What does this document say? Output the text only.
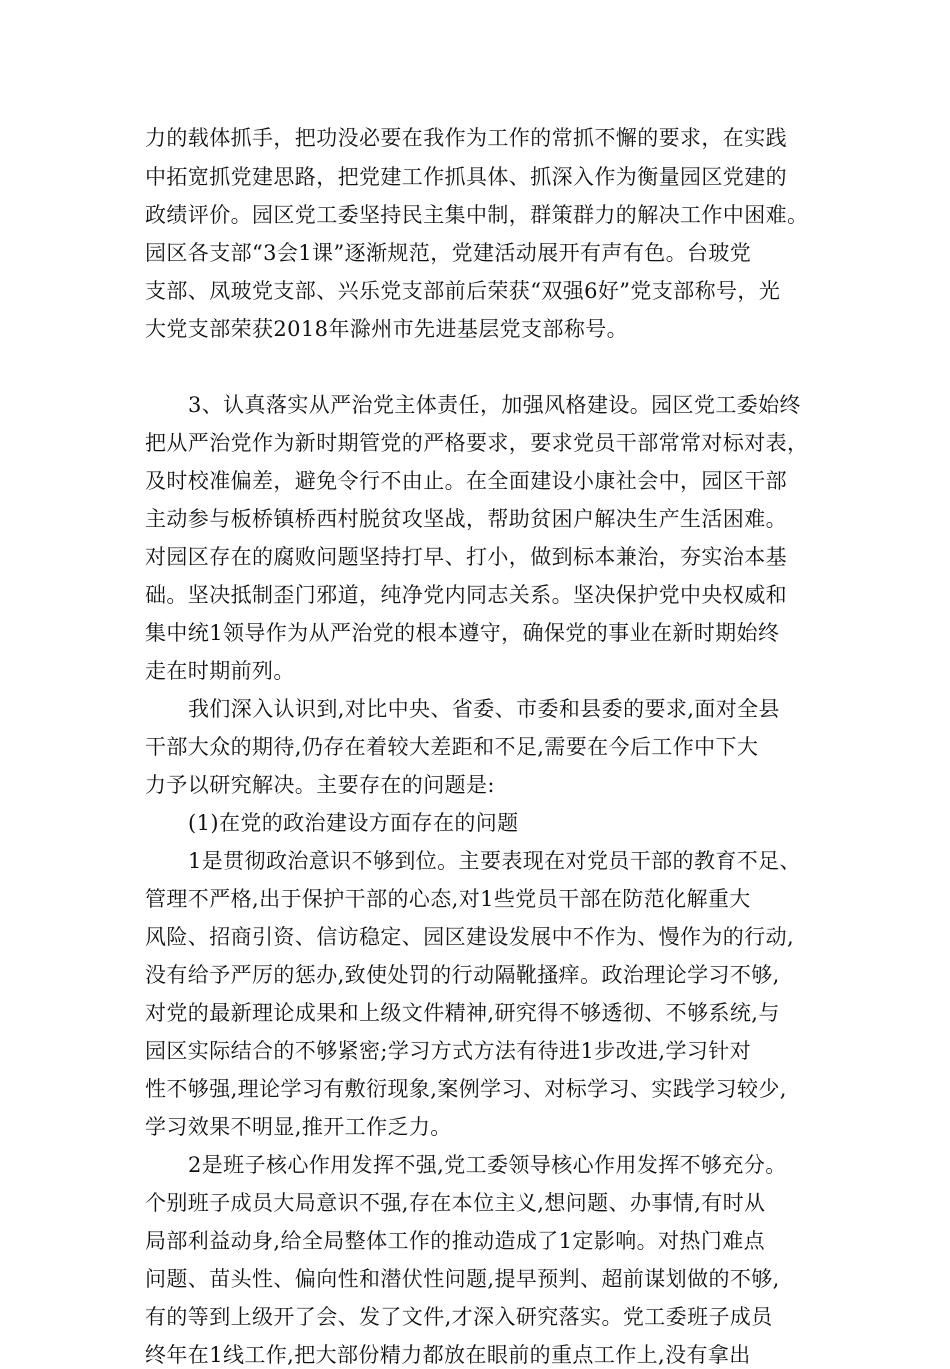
力的载体抓手，把功没必要在我作为工作的常抓不懈的要求，在实践
中拓宽抓党建思路，把党建工作抓具体、抓深入作为衡量园区党建的
政绩评价。园区党工委坚持民主集中制，群策群力的解决工作中困难。
园区各支部“3会1课”逐渐规范，党建活动展开有声有色。台玻党
支部、凤玻党支部、兴乐党支部前后荣获“双强6好”党支部称号，光
大党支部荣获2018年滁州市先进基层党支部称号。
3、认真落实从严治党主体责任，加强风格建设。园区党工委始终
把从严治党作为新时期管党的严格要求，要求党员干部常常对标对表，
及时校准偏差，避免令行不由止。在全面建设小康社会中，园区干部
主动参与板桥镇桥西村脱贫攻坚战，帮助贫困户解决生产生活困难。
对园区存在的腐败问题坚持打早、打小，做到标本兼治，夯实治本基
础。坚决抵制歪门邪道，纯净党内同志关系。坚决保护党中央权威和
集中统1领导作为从严治党的根本遵守，确保党的事业在新时期始终
走在时期前列。
我们深入认识到,对比中央、省委、市委和县委的要求,面对全县
干部大众的期待,仍存在着较大差距和不足,需要在今后工作中下大
力予以研究解决。主要存在的问题是:
(1)在党的政治建设方面存在的问题
1是贯彻政治意识不够到位。主要表现在对党员干部的教育不足、
管理不严格,出于保护干部的心态,对1些党员干部在防范化解重大
风险、招商引资、信访稳定、园区建设发展中不作为、慢作为的行动,
没有给予严厉的惩办,致使处罚的行动隔靴搔痒。政治理论学习不够,
对党的最新理论成果和上级文件精神,研究得不够透彻、不够系统,与
园区实际结合的不够紧密;学习方式方法有待进1步改进,学习针对
性不够强,理论学习有敷衍现象,案例学习、对标学习、实践学习较少,
学习效果不明显,推开工作乏力。
2是班子核心作用发挥不强,党工委领导核心作用发挥不够充分。
个别班子成员大局意识不强,存在本位主义,想问题、办事情,有时从
局部利益动身,给全局整体工作的推动造成了1定影响。对热门难点
问题、苗头性、偏向性和潜伏性问题,提早预判、超前谋划做的不够,
有的等到上级开了会、发了文件,才深入研究落实。党工委班子成员
终年在1线工作,把大部份精力都放在眼前的重点工作上,没有拿出
